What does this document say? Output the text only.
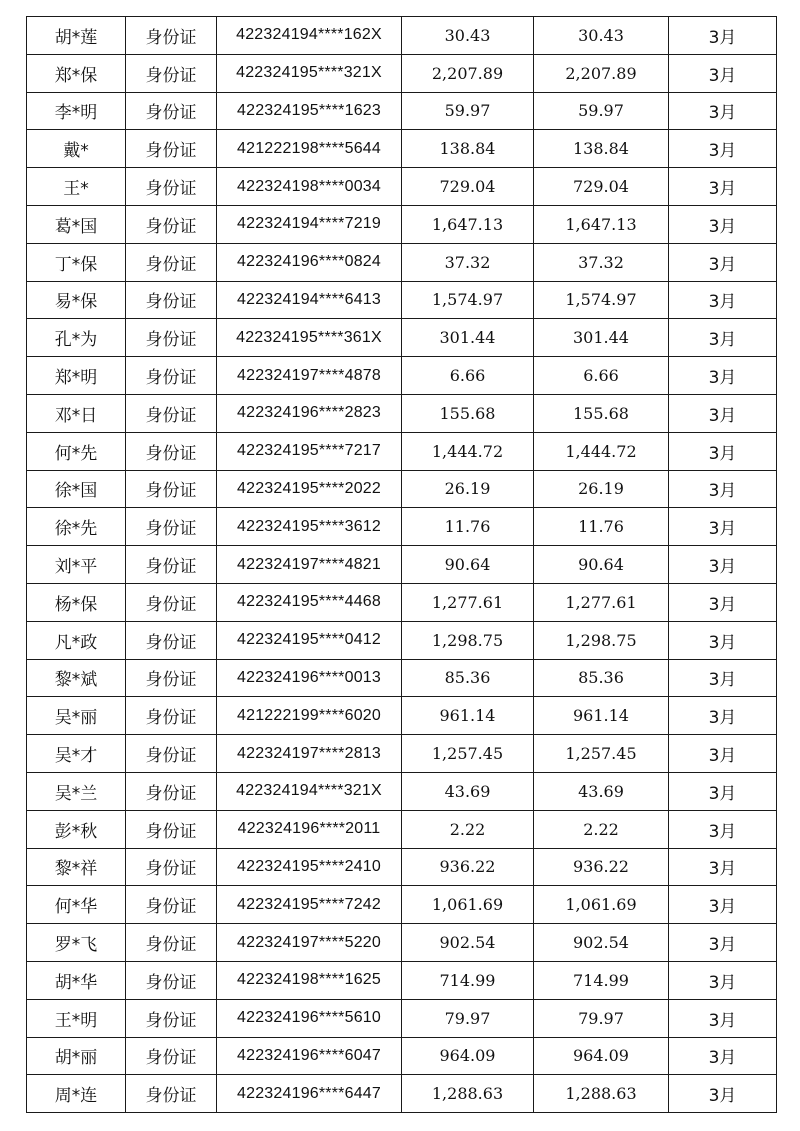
胡*莲	身份证	422324194****162X	30.43	30.43	3月
郑*保	身份证	422324195****321X	2,207.89	2,207.89	3月
李*明	身份证	422324195****1623	59.97	59.97	3月
戴*	身份证	421222198****5644	138.84	138.84	3月
王*	身份证	422324198****0034	729.04	729.04	3月
葛*国	身份证	422324194****7219	1,647.13	1,647.13	3月
丁*保	身份证	422324196****0824	37.32	37.32	3月
易*保	身份证	422324194****6413	1,574.97	1,574.97	3月
孔*为	身份证	422324195****361X	301.44	301.44	3月
郑*明	身份证	422324197****4878	6.66	6.66	3月
邓*日	身份证	422324196****2823	155.68	155.68	3月
何*先	身份证	422324195****7217	1,444.72	1,444.72	3月
徐*国	身份证	422324195****2022	26.19	26.19	3月
徐*先	身份证	422324195****3612	11.76	11.76	3月
刘*平	身份证	422324197****4821	90.64	90.64	3月
杨*保	身份证	422324195****4468	1,277.61	1,277.61	3月
凡*政	身份证	422324195****0412	1,298.75	1,298.75	3月
黎*斌	身份证	422324196****0013	85.36	85.36	3月
吴*丽	身份证	421222199****6020	961.14	961.14	3月
吴*才	身份证	422324197****2813	1,257.45	1,257.45	3月
吴*兰	身份证	422324194****321X	43.69	43.69	3月
彭*秋	身份证	422324196****2011	2.22	2.22	3月
黎*祥	身份证	422324195****2410	936.22	936.22	3月
何*华	身份证	422324195****7242	1,061.69	1,061.69	3月
罗*飞	身份证	422324197****5220	902.54	902.54	3月
胡*华	身份证	422324198****1625	714.99	714.99	3月
王*明	身份证	422324196****5610	79.97	79.97	3月
胡*丽	身份证	422324196****6047	964.09	964.09	3月
周*连	身份证	422324196****6447	1,288.63	1,288.63	3月
